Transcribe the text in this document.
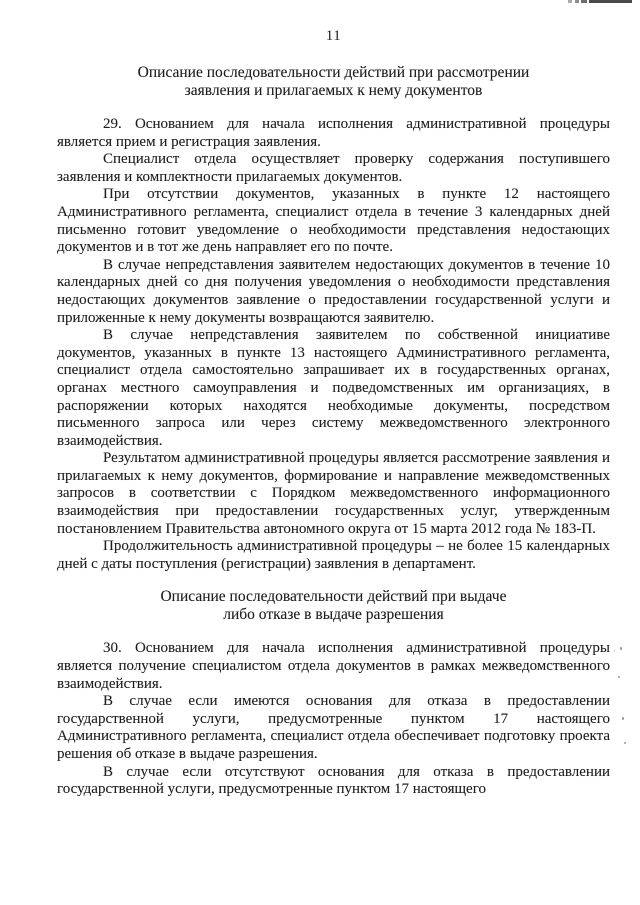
11
Описание последовательности действий при рассмотрении
заявления и прилагаемых к нему документов

29. Основанием для начала исполнения административной процедуры является прием и регистрация заявления.

Специалист отдела осуществляет проверку содержания поступившего заявления и комплектности прилагаемых документов.

При отсутствии документов, указанных в пункте 12 настоящего Административного регламента, специалист отдела в течение 3 календарных дней письменно готовит уведомление о необходимости представления недостающих документов и в тот же день направляет его по почте.

В случае непредставления заявителем недостающих документов в течение 10 календарных дней со дня получения уведомления о необходимости представления недостающих документов заявление о предоставлении государственной услуги и приложенные к нему документы возвращаются заявителю.

В случае непредставления заявителем по собственной инициативе документов, указанных в пункте 13 настоящего Административного регламента, специалист отдела самостоятельно запрашивает их в государственных органах, органах местного самоуправления и подведомственных им организациях, в распоряжении которых находятся необходимые документы, посредством письменного запроса или через систему межведомственного электронного взаимодействия.

Результатом административной процедуры является рассмотрение заявления и прилагаемых к нему документов, формирование и направление межведомственных запросов в соответствии с Порядком межведомственного информационного взаимодействия при предоставлении государственных услуг, утвержденным постановлением Правительства автономного округа от 15 марта 2012 года № 183-П.

Продолжительность административной процедуры – не более 15 календарных дней с даты поступления (регистрации) заявления в департамент.

Описание последовательности действий при выдаче
либо отказе в выдаче разрешения

30. Основанием для начала исполнения административной процедуры является получение специалистом отдела документов в рамках межведомственного взаимодействия.

В случае если имеются основания для отказа в предоставлении государственной услуги, предусмотренные пунктом 17 настоящего Административного регламента, специалист отдела обеспечивает подготовку проекта решения об отказе в выдаче разрешения.

В случае если отсутствуют основания для отказа в предоставлении государственной услуги, предусмотренные пунктом 17 настоящего
